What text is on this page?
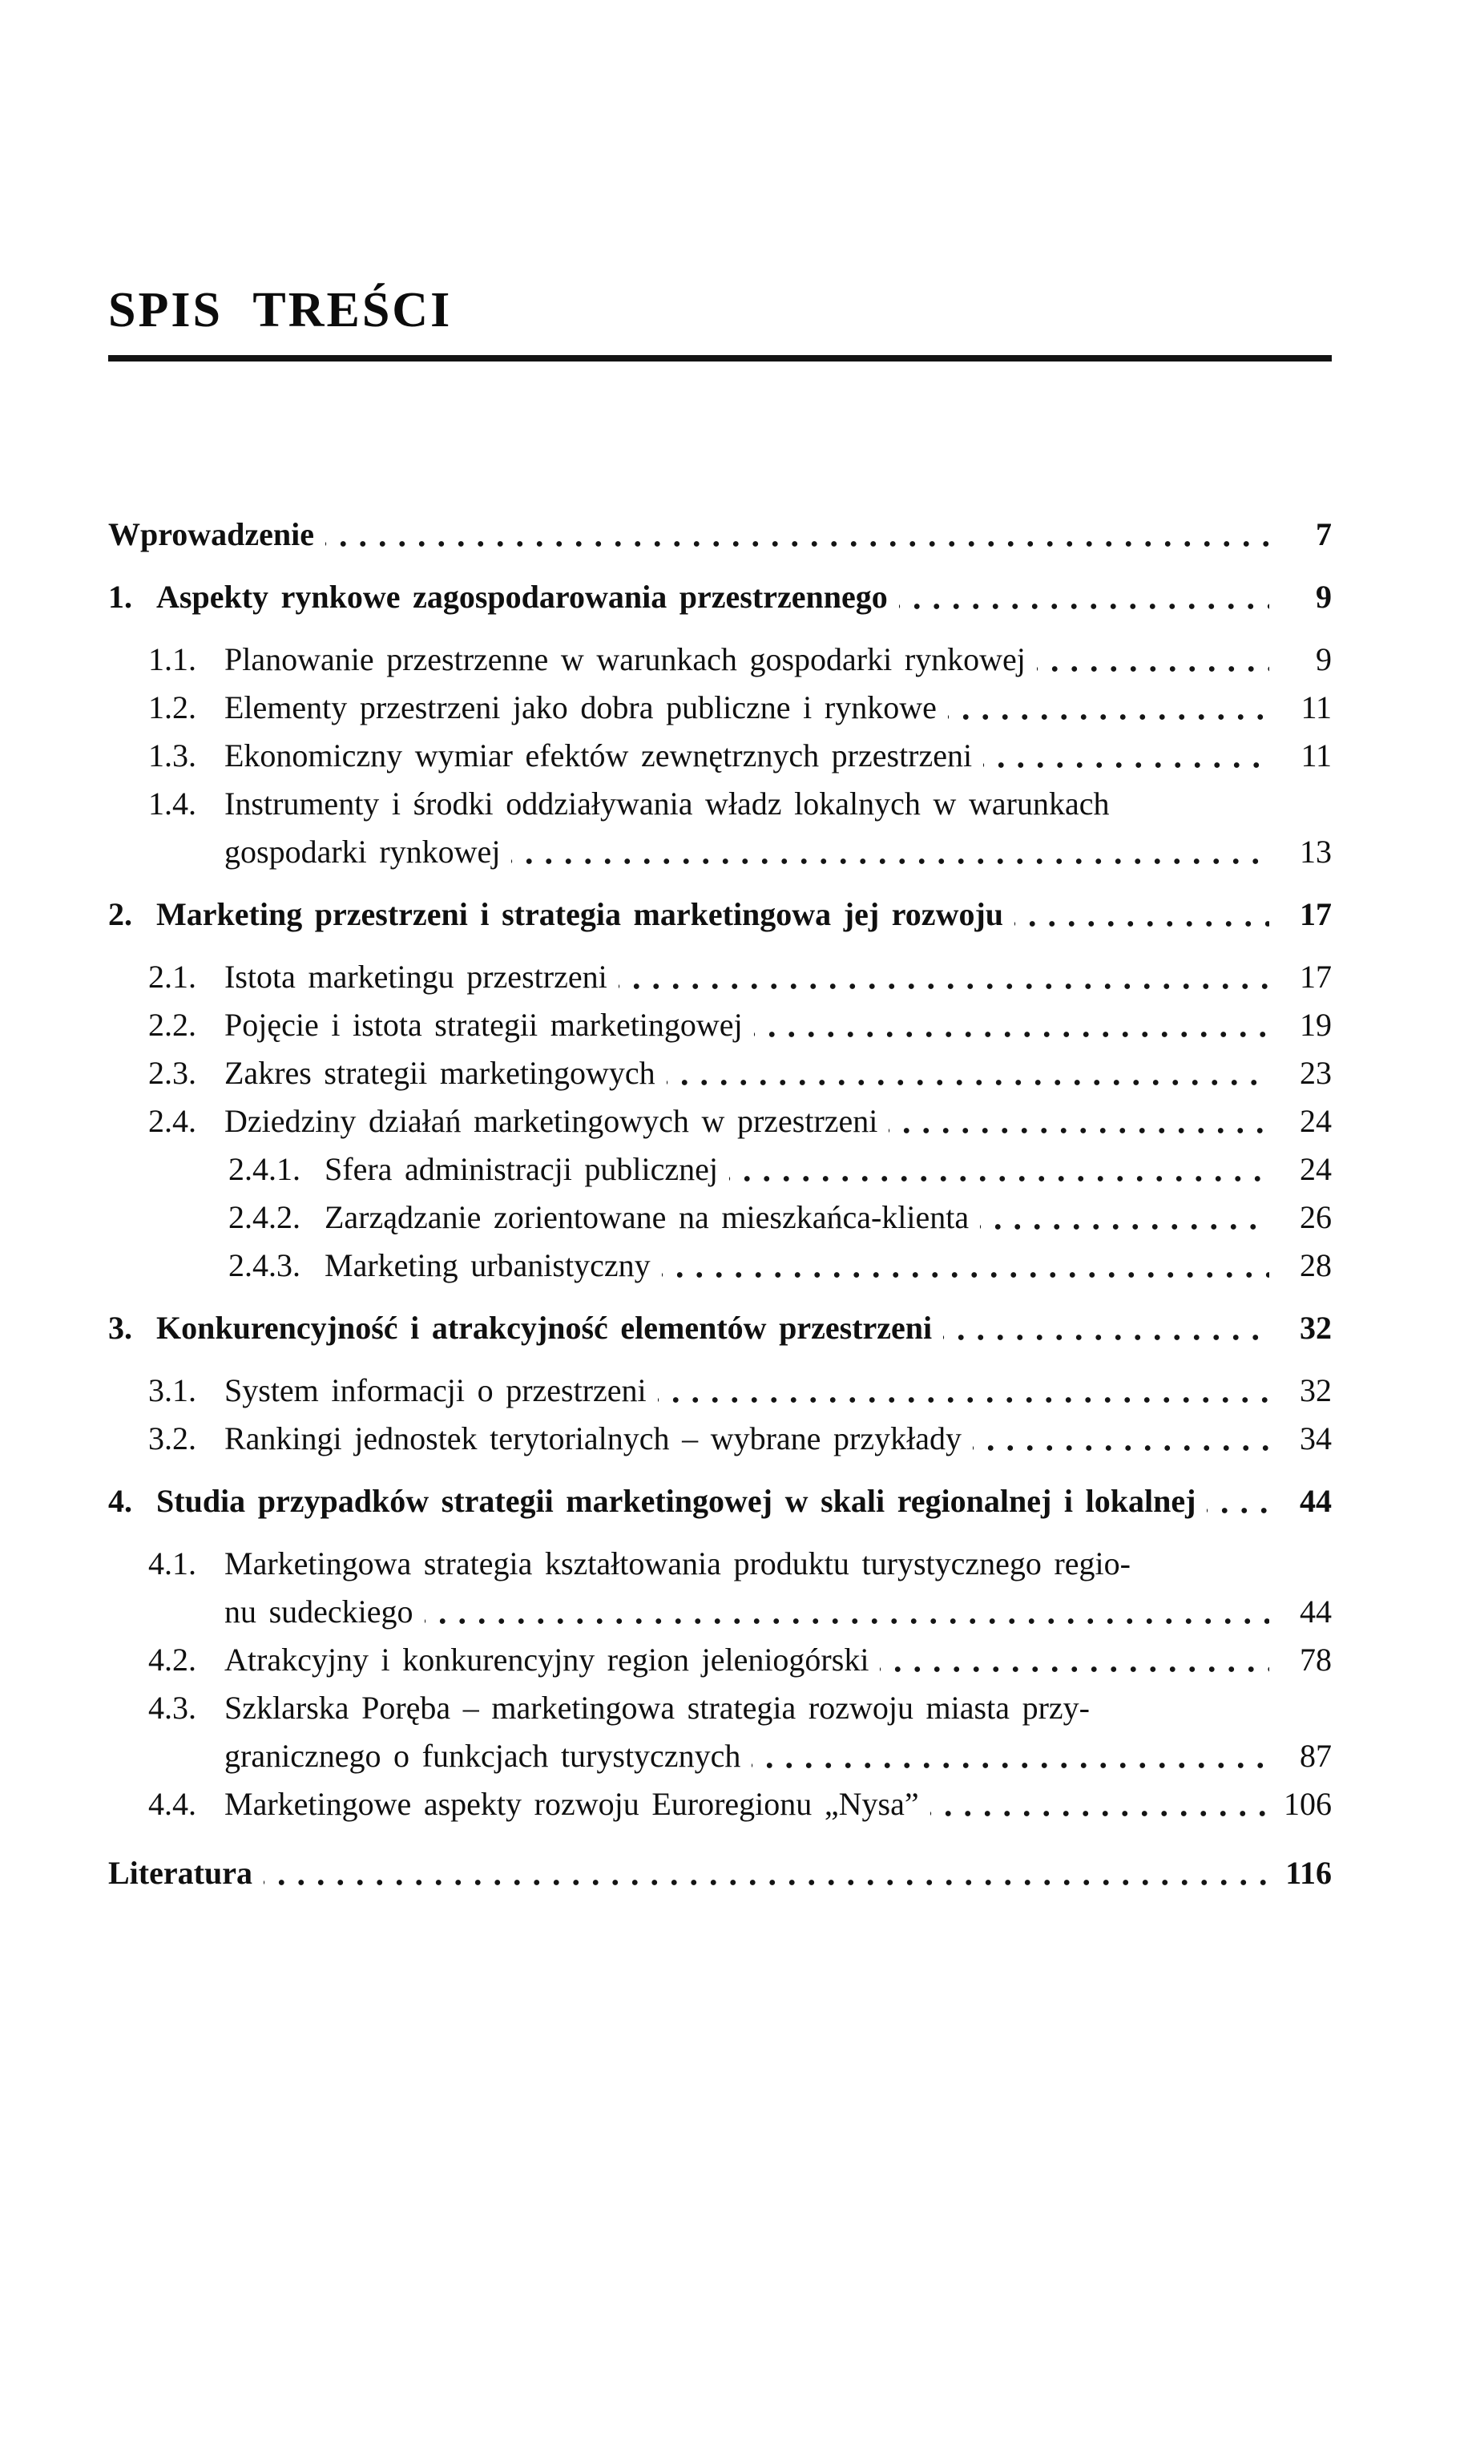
SPIS TREŚCI
Wprowadzenie	7
1. Aspekty rynkowe zagospodarowania przestrzennego	9
1.1. Planowanie przestrzenne w warunkach gospodarki rynkowej	9
1.2. Elementy przestrzeni jako dobra publiczne i rynkowe	11
1.3. Ekonomiczny wymiar efektów zewnętrznych przestrzeni	11
1.4. Instrumenty i środki oddziaływania władz lokalnych w warunkach
gospodarki rynkowej	13
2. Marketing przestrzeni i strategia marketingowa jej rozwoju	17
2.1. Istota marketingu przestrzeni	17
2.2. Pojęcie i istota strategii marketingowej	19
2.3. Zakres strategii marketingowych	23
2.4. Dziedziny działań marketingowych w przestrzeni	24
2.4.1. Sfera administracji publicznej	24
2.4.2. Zarządzanie zorientowane na mieszkańca-klienta	26
2.4.3. Marketing urbanistyczny	28
3. Konkurencyjność i atrakcyjność elementów przestrzeni	32
3.1. System informacji o przestrzeni	32
3.2. Rankingi jednostek terytorialnych – wybrane przykłady	34
4. Studia przypadków strategii marketingowej w skali regionalnej i lokalnej	44
4.1. Marketingowa strategia kształtowania produktu turystycznego regio-
nu sudeckiego	44
4.2. Atrakcyjny i konkurencyjny region jeleniogórski	78
4.3. Szklarska Poręba – marketingowa strategia rozwoju miasta przy-
granicznego o funkcjach turystycznych	87
4.4. Marketingowe aspekty rozwoju Euroregionu „Nysa”	106
Literatura	116
